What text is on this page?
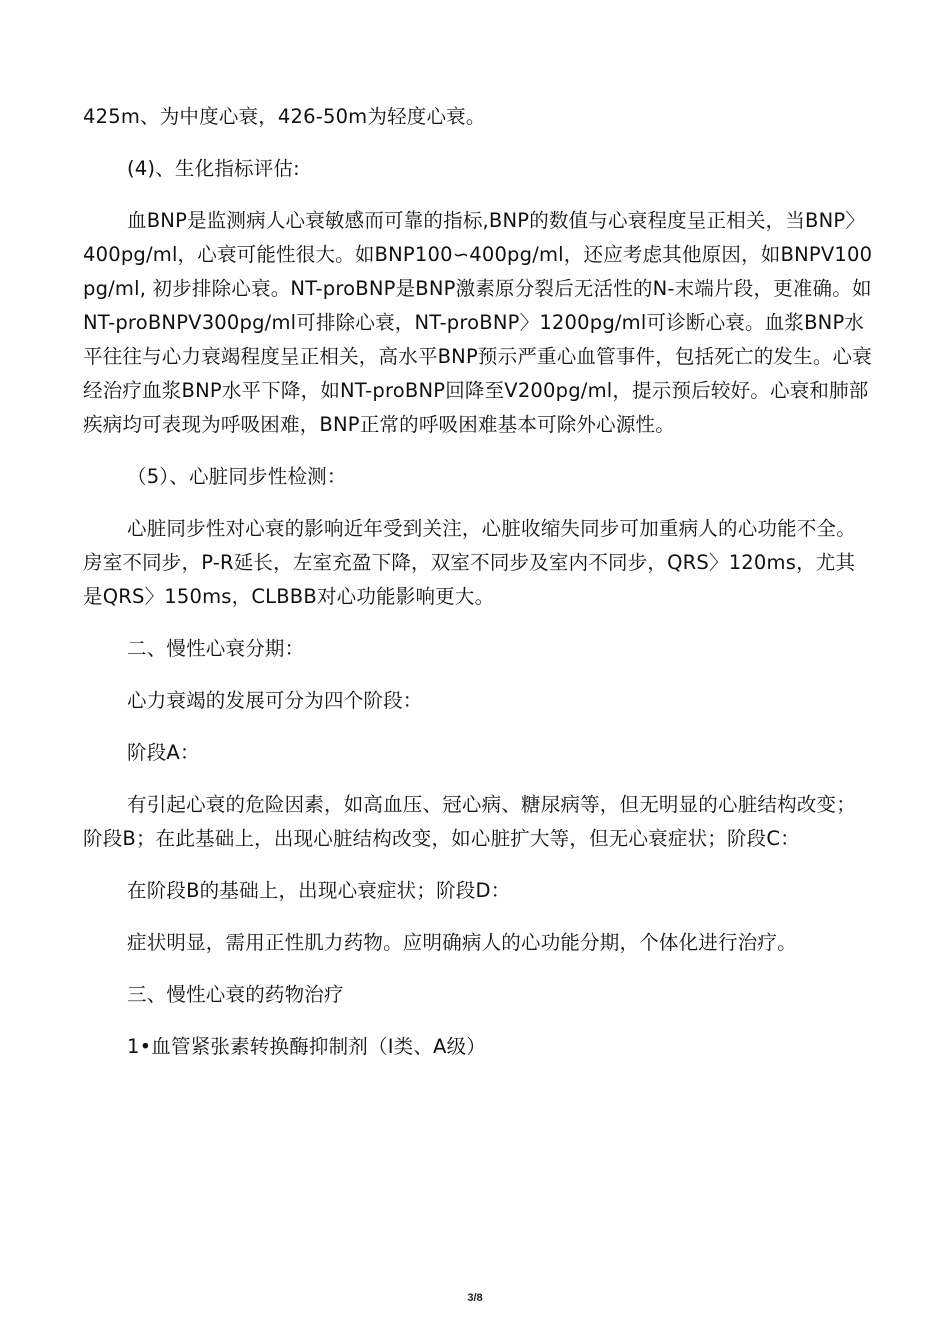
425m、为中度心衰，426-50m为轻度心衰。

(4)、生化指标评估:

血BNP是监测病人心衰敏感而可靠的指标,BNP的数值与心衰程度呈正相关，当BNP〉400pg/ml，心衰可能性很大。如BNP100∽400pg/ml，还应考虑其他原因，如BNPV100pg/ml, 初步排除心衰。NT-proBNP是BNP激素原分裂后无活性的N-末端片段，更准确。如NT-proBNPV300pg/ml可排除心衰，NT-proBNP〉1200pg/ml可诊断心衰。血浆BNP水平往往与心力衰竭程度呈正相关，高水平BNP预示严重心血管事件，包括死亡的发生。心衰经治疗血浆BNP水平下降，如NT-proBNP回降至V200pg/ml，提示预后较好。心衰和肺部疾病均可表现为呼吸困难，BNP正常的呼吸困难基本可除外心源性。

（5）、心脏同步性检测：

心脏同步性对心衰的影响近年受到关注，心脏收缩失同步可加重病人的心功能不全。房室不同步，P-R延长，左室充盈下降，双室不同步及室内不同步，QRS〉120ms，尤其是QRS〉150ms，CLBBB对心功能影响更大。

二、慢性心衰分期：

心力衰竭的发展可分为四个阶段：

阶段A：

有引起心衰的危险因素，如高血压、冠心病、糖尿病等，但无明显的心脏结构改变；阶段B；在此基础上，出现心脏结构改变，如心脏扩大等，但无心衰症状；阶段C：

在阶段B的基础上，出现心衰症状；阶段D：

症状明显，需用正性肌力药物。应明确病人的心功能分期，个体化进行治疗。

三、慢性心衰的药物治疗

1•血管紧张素转换酶抑制剂（I类、A级）

3/8
